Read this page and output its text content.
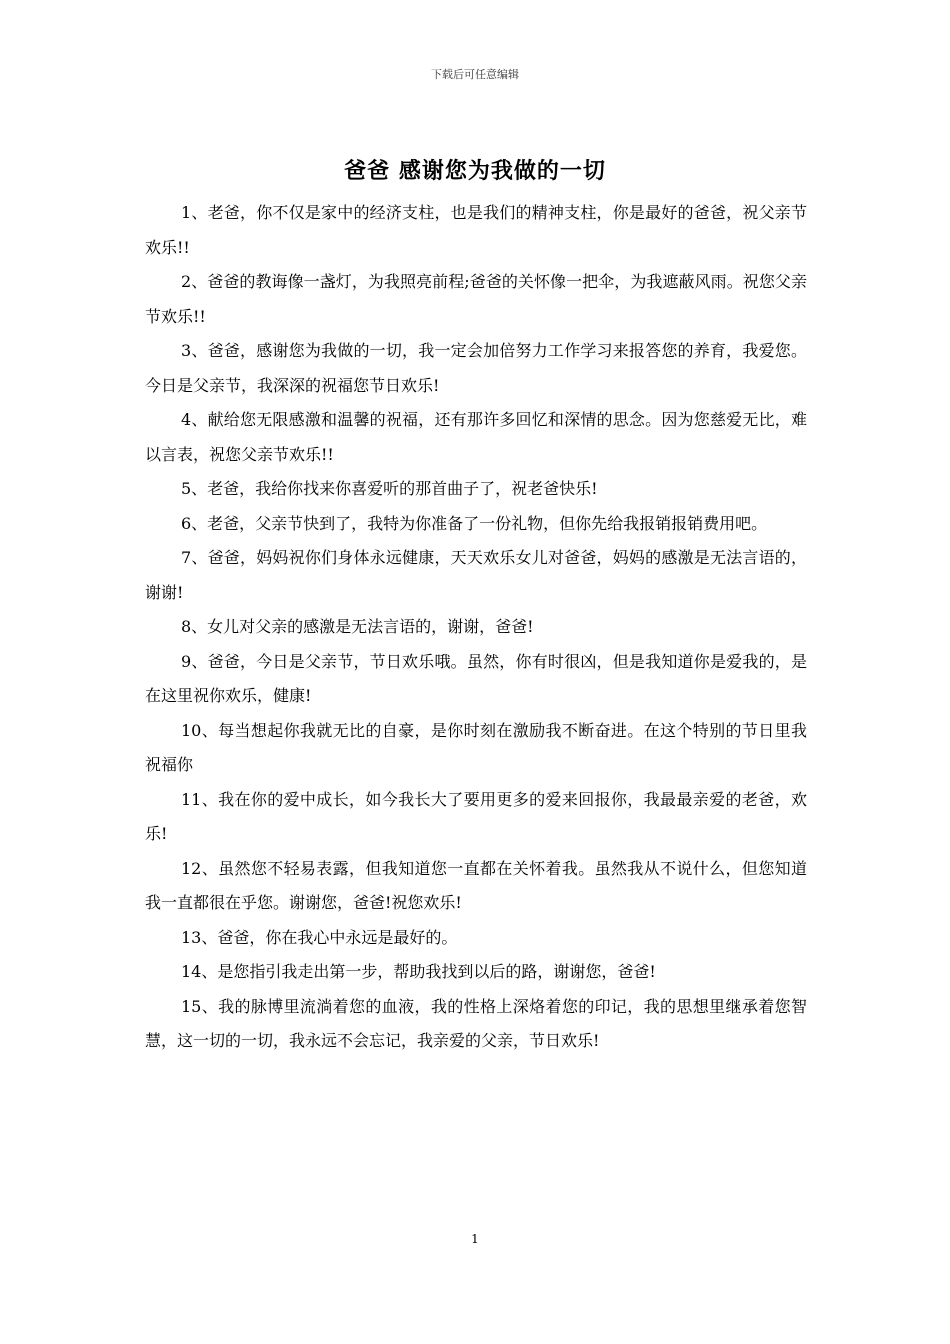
下载后可任意编辑
爸爸 感谢您为我做的一切

1、老爸，你不仅是家中的经济支柱，也是我们的精神支柱，你是最好的爸爸，祝父亲节欢乐!!

2、爸爸的教诲像一盏灯，为我照亮前程;爸爸的关怀像一把伞，为我遮蔽风雨。祝您父亲节欢乐!!

3、爸爸，感谢您为我做的一切，我一定会加倍努力工作学习来报答您的养育，我爱您。今日是父亲节，我深深的祝福您节日欢乐!

4、献给您无限感激和温馨的祝福，还有那许多回忆和深情的思念。因为您慈爱无比，难以言表，祝您父亲节欢乐!!

5、老爸，我给你找来你喜爱听的那首曲子了，祝老爸快乐!

6、老爸，父亲节快到了，我特为你准备了一份礼物，但你先给我报销报销费用吧。

7、爸爸，妈妈祝你们身体永远健康，天天欢乐女儿对爸爸，妈妈的感激是无法言语的，谢谢!

8、女儿对父亲的感激是无法言语的，谢谢，爸爸!

9、爸爸，今日是父亲节，节日欢乐哦。虽然，你有时很凶，但是我知道你是爱我的，是在这里祝你欢乐，健康!

10、每当想起你我就无比的自豪，是你时刻在激励我不断奋进。在这个特别的节日里我祝福你

11、我在你的爱中成长，如今我长大了要用更多的爱来回报你，我最最亲爱的老爸，欢乐!

12、虽然您不轻易表露，但我知道您一直都在关怀着我。虽然我从不说什么，但您知道我一直都很在乎您。谢谢您，爸爸!祝您欢乐!

13、爸爸，你在我心中永远是最好的。

14、是您指引我走出第一步，帮助我找到以后的路，谢谢您，爸爸!

15、我的脉博里流淌着您的血液，我的性格上深烙着您的印记，我的思想里继承着您智慧，这一切的一切，我永远不会忘记，我亲爱的父亲，节日欢乐!

1
